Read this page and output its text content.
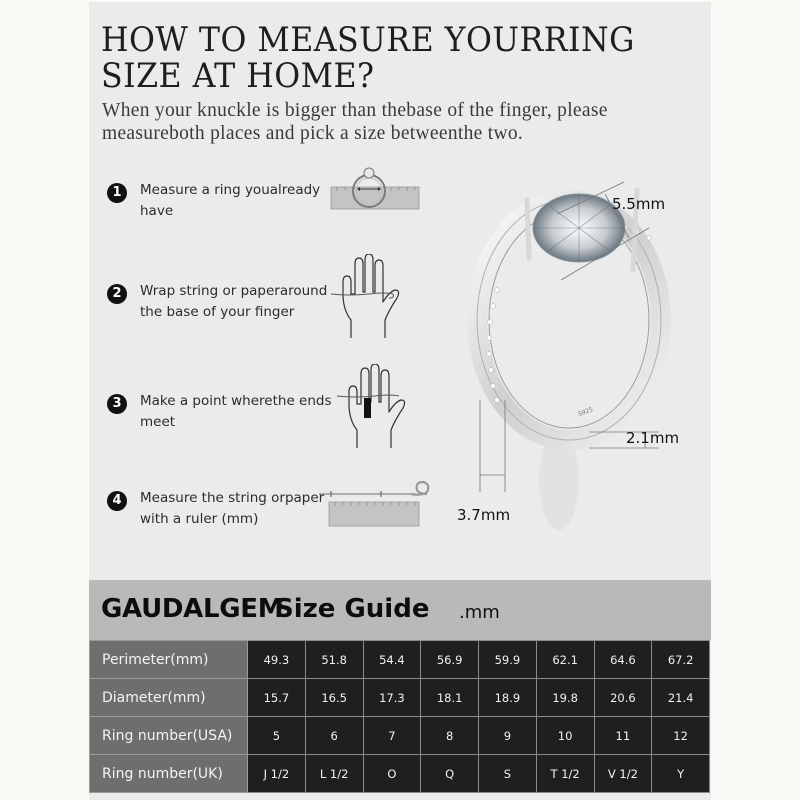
HOW TO MEASURE YOURRING
SIZE AT HOME?

When your knuckle is bigger than thebase of the finger, please
measureboth places and pick a size betweenthe two.

1	Measure a ring youalready
have
2	Wrap string or paperaround
the base of your finger
3	Make a point wherethe ends
meet
4	Measure the string orpaper
with a ruler (mm)
S925
5.5mm
2.1mm
3.7mm
GAUDALGEM
Size Guide .mm
Perimeter(mm)	49.3	51.8	54.4	56.9	59.9	62.1	64.6	67.2
Diameter(mm)	15.7	16.5	17.3	18.1	18.9	19.8	20.6	21.4
Ring number(USA)	5	6	7	8	9	10	11	12
Ring number(UK)	J 1/2	L 1/2	O	Q	S	T 1/2	V 1/2	Y
